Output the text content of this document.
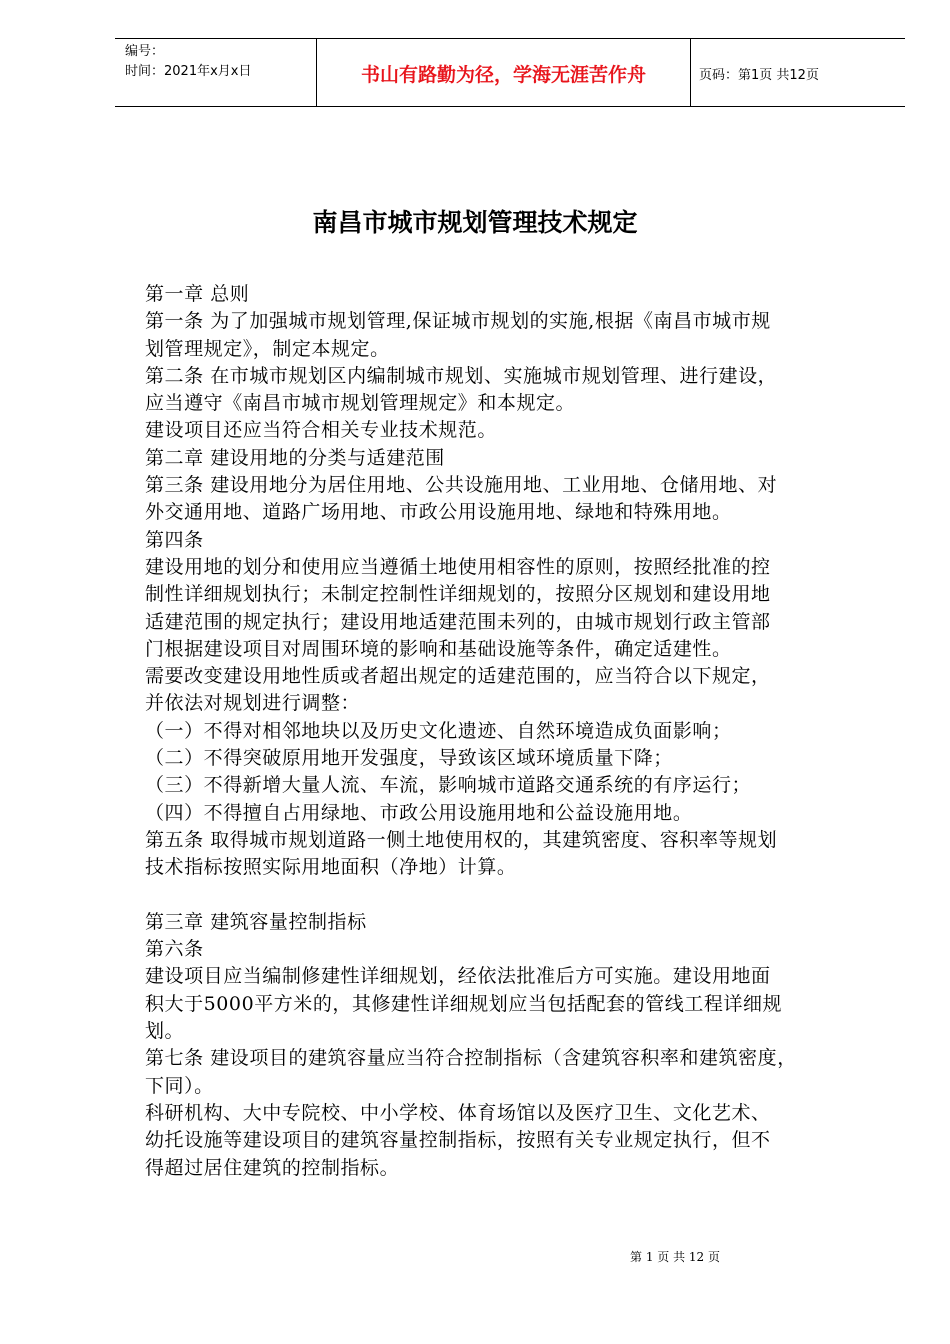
编号：
时间：2021年x月x日	书山有路勤为径，学海无涯苦作舟	页码：第1页 共12页
南昌市城市规划管理技术规定
第一章 总则
第一条 为了加强城市规划管理,保证城市规划的实施,根据《南昌市城市规
划管理规定》，制定本规定。
第二条 在市城市规划区内编制城市规划、实施城市规划管理、进行建设，
应当遵守《南昌市城市规划管理规定》和本规定。
建设项目还应当符合相关专业技术规范。
第二章 建设用地的分类与适建范围
第三条 建设用地分为居住用地、公共设施用地、工业用地、仓储用地、对
外交通用地、道路广场用地、市政公用设施用地、绿地和特殊用地。
第四条
建设用地的划分和使用应当遵循土地使用相容性的原则，按照经批准的控
制性详细规划执行；未制定控制性详细规划的，按照分区规划和建设用地
适建范围的规定执行；建设用地适建范围未列的，由城市规划行政主管部
门根据建设项目对周围环境的影响和基础设施等条件，确定适建性。
需要改变建设用地性质或者超出规定的适建范围的，应当符合以下规定，
并依法对规划进行调整：
（一）不得对相邻地块以及历史文化遗迹、自然环境造成负面影响；
（二）不得突破原用地开发强度，导致该区域环境质量下降；
（三）不得新增大量人流、车流，影响城市道路交通系统的有序运行；
（四）不得擅自占用绿地、市政公用设施用地和公益设施用地。
第五条 取得城市规划道路一侧土地使用权的，其建筑密度、容积率等规划
技术指标按照实际用地面积（净地）计算。
第三章 建筑容量控制指标
第六条
建设项目应当编制修建性详细规划，经依法批准后方可实施。建设用地面
积大于5000平方米的，其修建性详细规划应当包括配套的管线工程详细规
划。
第七条 建设项目的建筑容量应当符合控制指标（含建筑容积率和建筑密度，
下同）。
科研机构、大中专院校、中小学校、体育场馆以及医疗卫生、文化艺术、
幼托设施等建设项目的建筑容量控制指标，按照有关专业规定执行，但不
得超过居住建筑的控制指标。
第 1 页 共 12 页
